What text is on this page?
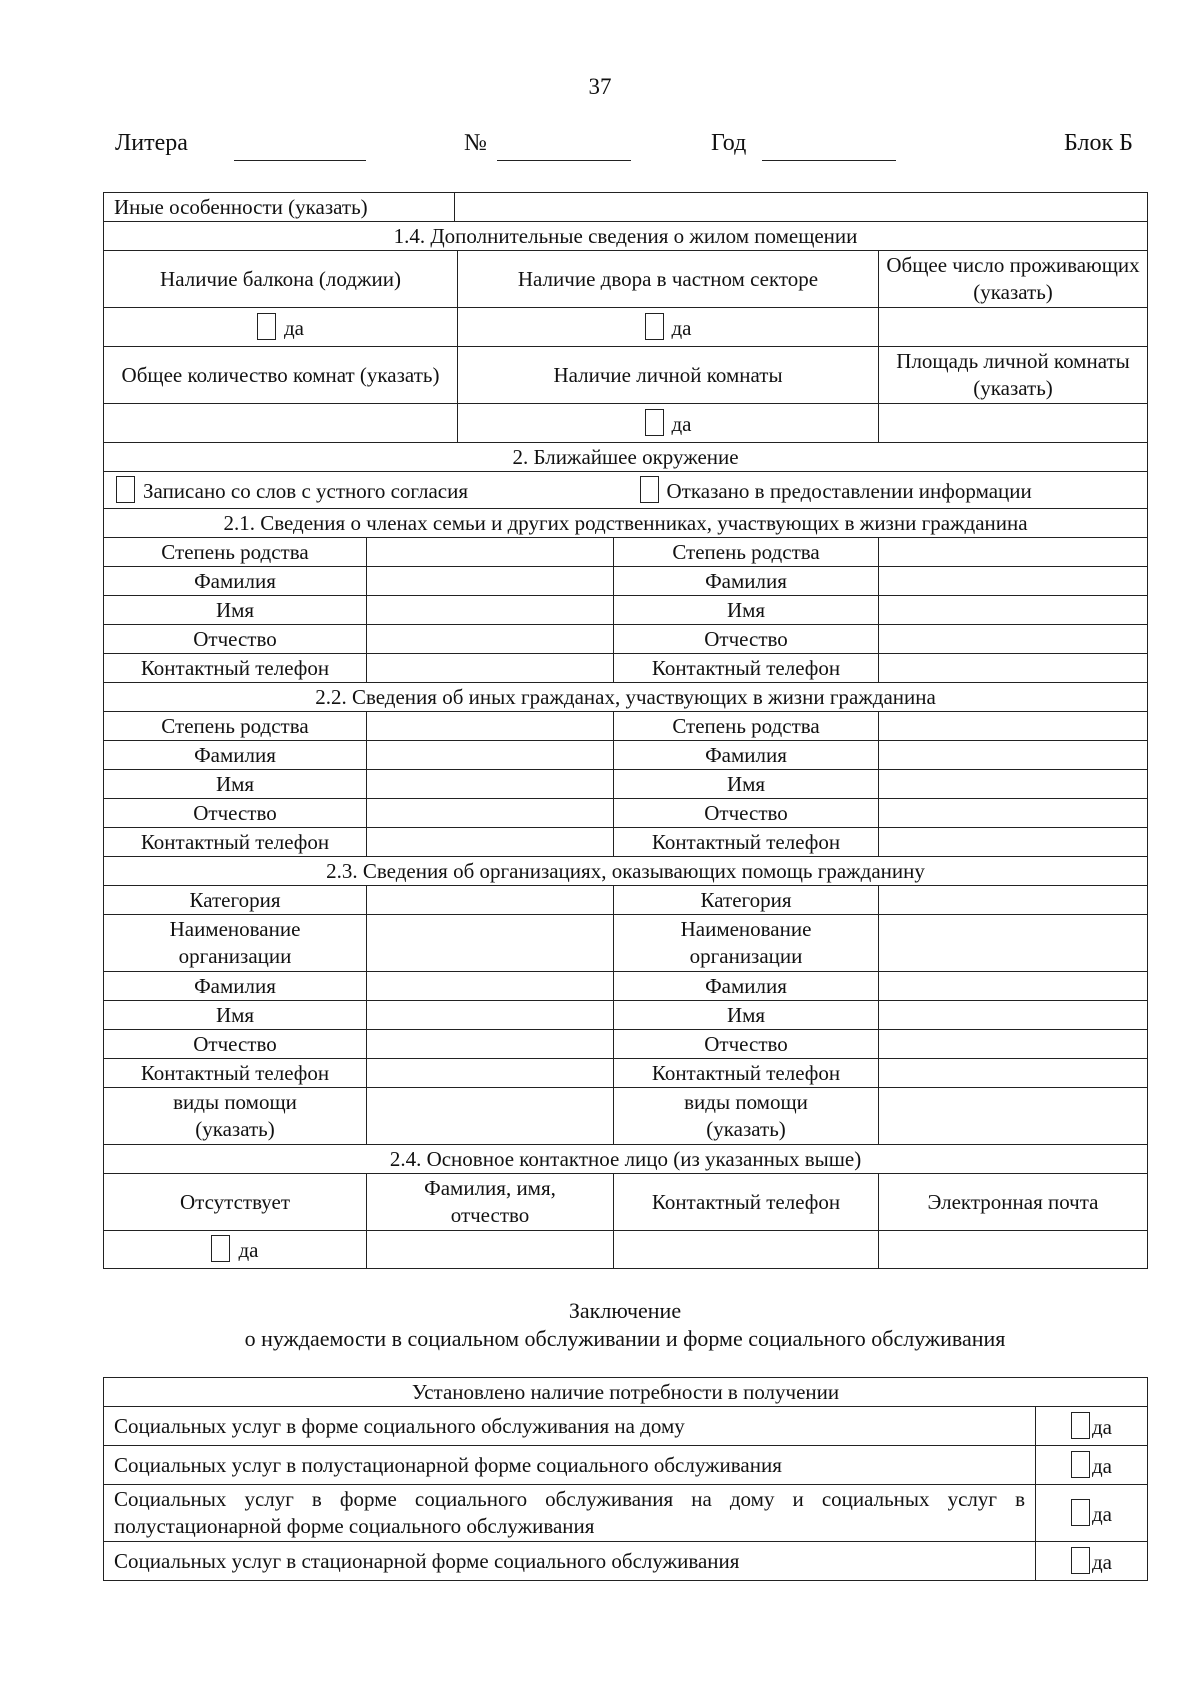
37
Литера	№	Год	Блок Б
Иные особенности (указать)					
1.4. Дополнительные сведения о жилом помещении					
Наличие балкона (лоджии)			Наличие двора в частном секторе		Общее число проживающих (указать)
да			да		
Общее количество комнат (указать)			Наличие личной комнаты		Площадь личной комнаты (указать)
			да		
2. Ближайшее окружение					
Записано со слов с устного согласия				Отказано в предоставлении информации	
2.1. Сведения о членах семьи и других родственниках, участвующих в жизни гражданина					
Степень родства				Степень родства	
Фамилия				Фамилия	
Имя				Имя	
Отчество				Отчество	
Контактный телефон				Контактный телефон	
2.2. Сведения об иных гражданах, участвующих в жизни гражданина					
Степень родства				Степень родства	
Фамилия				Фамилия	
Имя				Имя	
Отчество				Отчество	
Контактный телефон				Контактный телефон	
2.3. Сведения об организациях, оказывающих помощь гражданину					
Категория				Категория	
Наименование организации				Наименование организации	
Фамилия				Фамилия	
Имя				Имя	
Отчество				Отчество	
Контактный телефон				Контактный телефон	
виды помощи (указать)				виды помощи (указать)	
2.4. Основное контактное лицо (из указанных выше)					
Отсутствует	Фамилия, имя, отчество			Контактный телефон	Электронная почта
да					
Заключение
о нуждаемости в социальном обслуживании и форме социального обслуживания
Установлено наличие потребности в получении	
Социальных услуг в форме социального обслуживания на дому	да
Социальных услуг в полустационарной форме социального обслуживания	да
Социальных услуг в форме социального обслуживания на дому и социальных услуг в полустационарной форме социального обслуживания	да
Социальных услуг в стационарной форме социального обслуживания	да
